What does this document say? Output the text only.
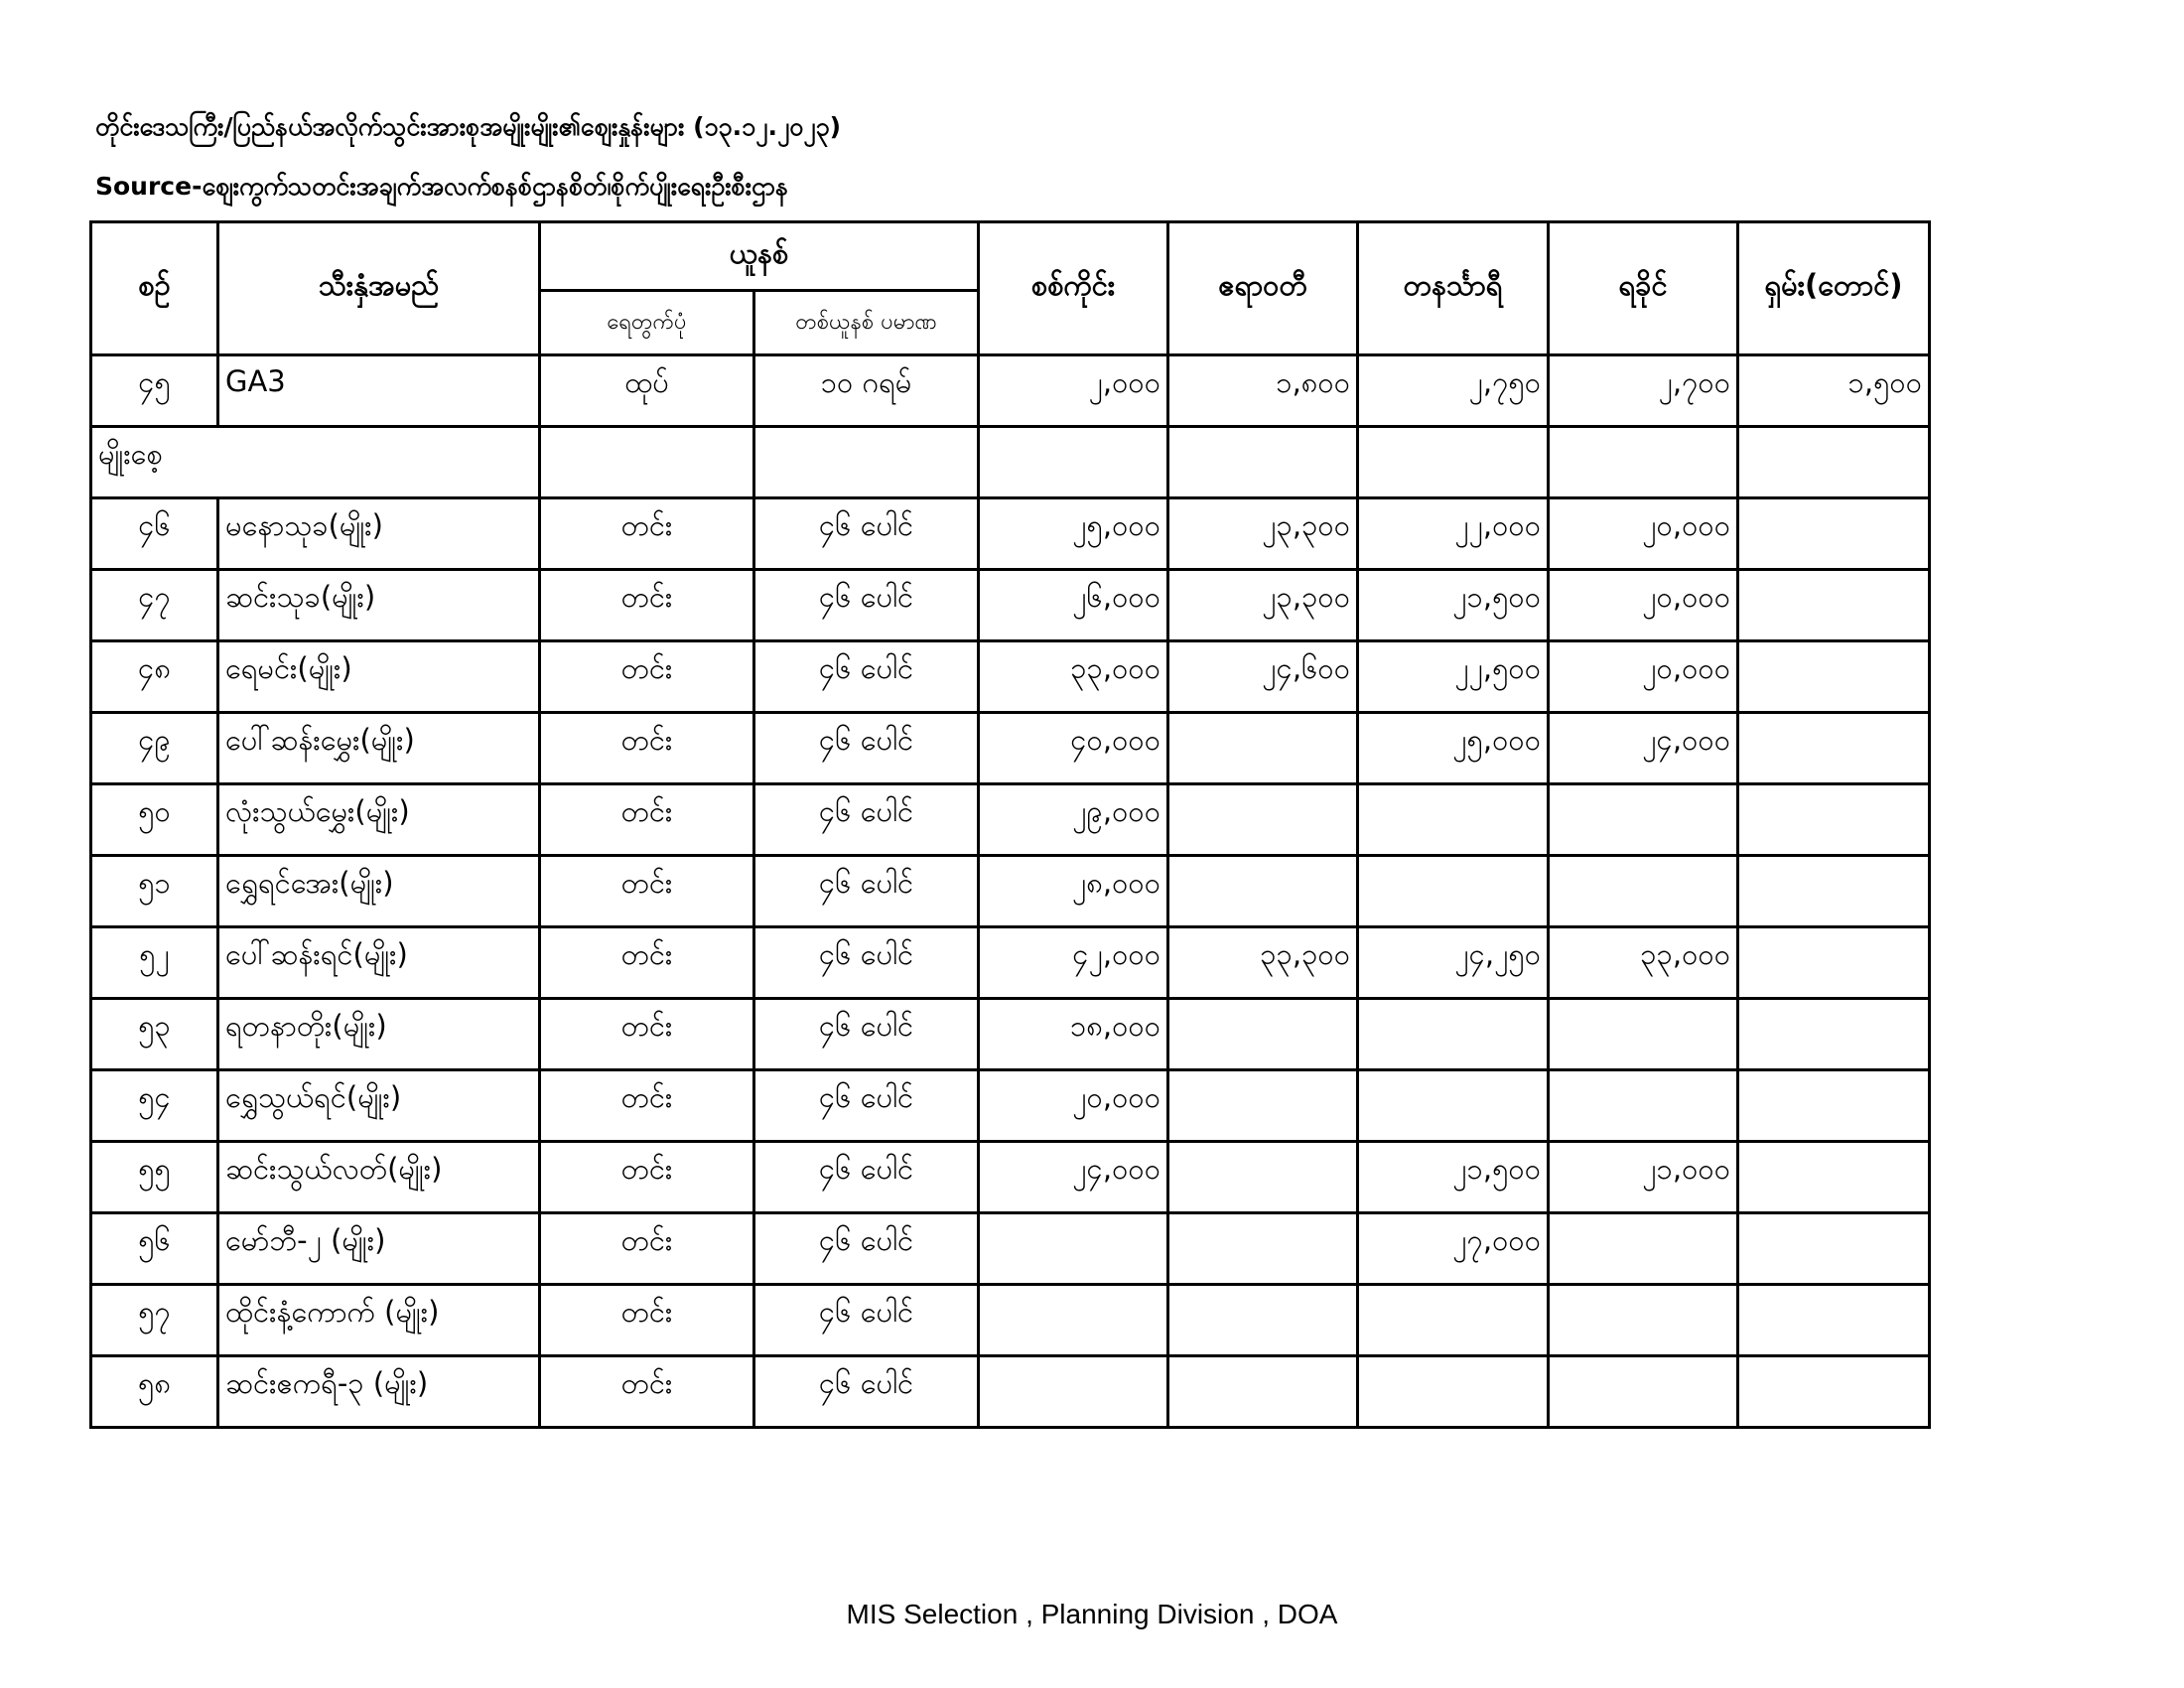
တိုင်းဒေသကြီး/ပြည်နယ်အလိုက်သွင်းအားစုအမျိုးမျိုး၏ဈေးနှုန်းများ (၁၃.၁၂.၂၀၂၃)
Source-ဈေးကွက်သတင်းအချက်အလက်စနစ်ဌာနစိတ်၊စိုက်ပျိုးရေးဦးစီးဌာန
စဉ်	သီးနှံအမည်	ယူနစ်		စစ်ကိုင်း	ဧရာဝတီ	တနင်္သာရီ	ရခိုင်	ရှမ်း(တောင်)
		ရေတွက်ပုံ	တစ်ယူနစ် ပမာဏ					
၄၅	GA3	ထုပ်	၁၀ ဂရမ်	၂,၀၀၀	၁,၈၀၀	၂,၇၅၀	၂,၇၀၀	၁,၅၀၀
မျိုးစေ့								
၄၆	မနောသုခ(မျိုး)	တင်း	၄၆ ပေါင်	၂၅,၀၀၀	၂၃,၃၀၀	၂၂,၀၀၀	၂၀,၀၀၀	
၄၇	ဆင်းသုခ(မျိုး)	တင်း	၄၆ ပေါင်	၂၆,၀၀၀	၂၃,၃၀၀	၂၁,၅၀၀	၂၀,၀၀၀	
၄၈	ရေမင်း(မျိုး)	တင်း	၄၆ ပေါင်	၃၃,၀၀၀	၂၄,၆၀၀	၂၂,၅၀၀	၂၀,၀၀၀	
၄၉	ပေါ်ဆန်းမွှေး(မျိုး)	တင်း	၄၆ ပေါင်	၄၀,၀၀၀		၂၅,၀၀၀	၂၄,၀၀၀	
၅၀	လုံးသွယ်မွှေး(မျိုး)	တင်း	၄၆ ပေါင်	၂၉,၀၀၀				
၅၁	ရွှေရင်အေး(မျိုး)	တင်း	၄၆ ပေါင်	၂၈,၀၀၀				
၅၂	ပေါ်ဆန်းရင်(မျိုး)	တင်း	၄၆ ပေါင်	၄၂,၀၀၀	၃၃,၃၀၀	၂၄,၂၅၀	၃၃,၀၀၀	
၅၃	ရတနာတိုး(မျိုး)	တင်း	၄၆ ပေါင်	၁၈,၀၀၀				
၅၄	ရွှေသွယ်ရင်(မျိုး)	တင်း	၄၆ ပေါင်	၂၀,၀၀၀				
၅၅	ဆင်းသွယ်လတ်(မျိုး)	တင်း	၄၆ ပေါင်	၂၄,၀၀၀		၂၁,၅၀၀	၂၁,၀၀၀	
၅၆	မော်ဘီ-၂ (မျိုး)	တင်း	၄၆ ပေါင်			၂၇,၀၀၀		
၅၇	ထိုင်းနံ့ကောက် (မျိုး)	တင်း	၄၆ ပေါင်					
၅၈	ဆင်းဧကရီ-၃ (မျိုး)	တင်း	၄၆ ပေါင်					
MIS Selection , Planning Division , DOA
